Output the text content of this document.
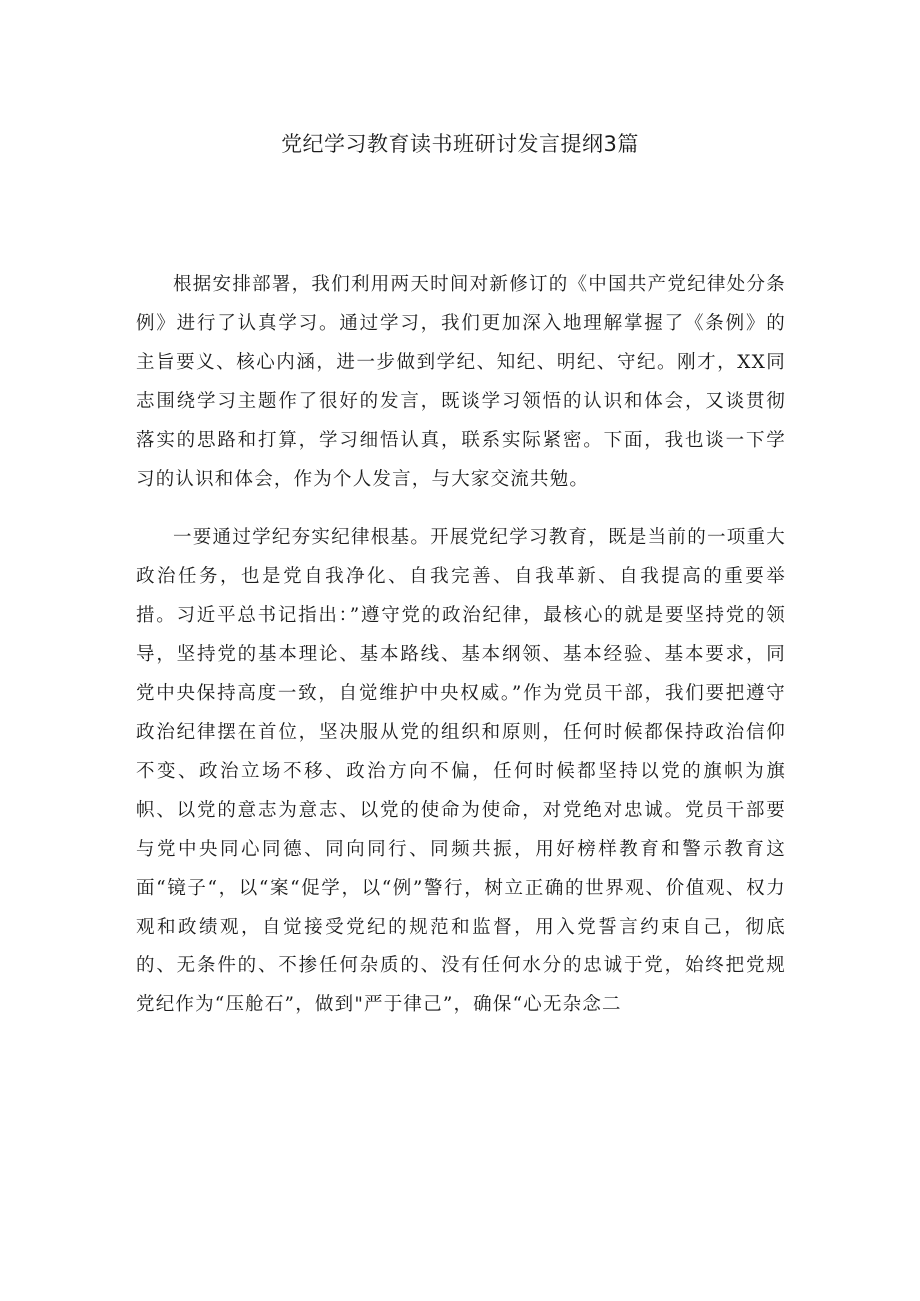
党纪学习教育读书班研讨发言提纲3篇

根据安排部署，我们利用两天时间对新修订的《中国共产党纪律处分条例》进行了认真学习。通过学习，我们更加深入地理解掌握了《条例》的主旨要义、核心内涵，进一步做到学纪、知纪、明纪、守纪。刚才，XX同志围绕学习主题作了很好的发言，既谈学习领悟的认识和体会，又谈贯彻落实的思路和打算，学习细悟认真，联系实际紧密。下面，我也谈一下学习的认识和体会，作为个人发言，与大家交流共勉。

一要通过学纪夯实纪律根基。开展党纪学习教育，既是当前的一项重大政治任务，也是党自我净化、自我完善、自我革新、自我提高的重要举措。习近平总书记指出：”遵守党的政治纪律，最核心的就是要坚持党的领导，坚持党的基本理论、基本路线、基本纲领、基本经验、基本要求，同党中央保持高度一致，自觉维护中央权威。”作为党员干部，我们要把遵守政治纪律摆在首位，坚决服从党的组织和原则，任何时候都保持政治信仰不变、政治立场不移、政治方向不偏，任何时候都坚持以党的旗帜为旗帜、以党的意志为意志、以党的使命为使命，对党绝对忠诚。党员干部要与党中央同心同德、同向同行、同频共振，用好榜样教育和警示教育这面“镜子“，以“案“促学，以“例”警行，树立正确的世界观、价值观、权力观和政绩观，自觉接受党纪的规范和监督，用入党誓言约束自己，彻底的、无条件的、不掺任何杂质的、没有任何水分的忠诚于党，始终把党规党纪作为“压舱石”，做到"严于律己”，确保“心无杂念二
